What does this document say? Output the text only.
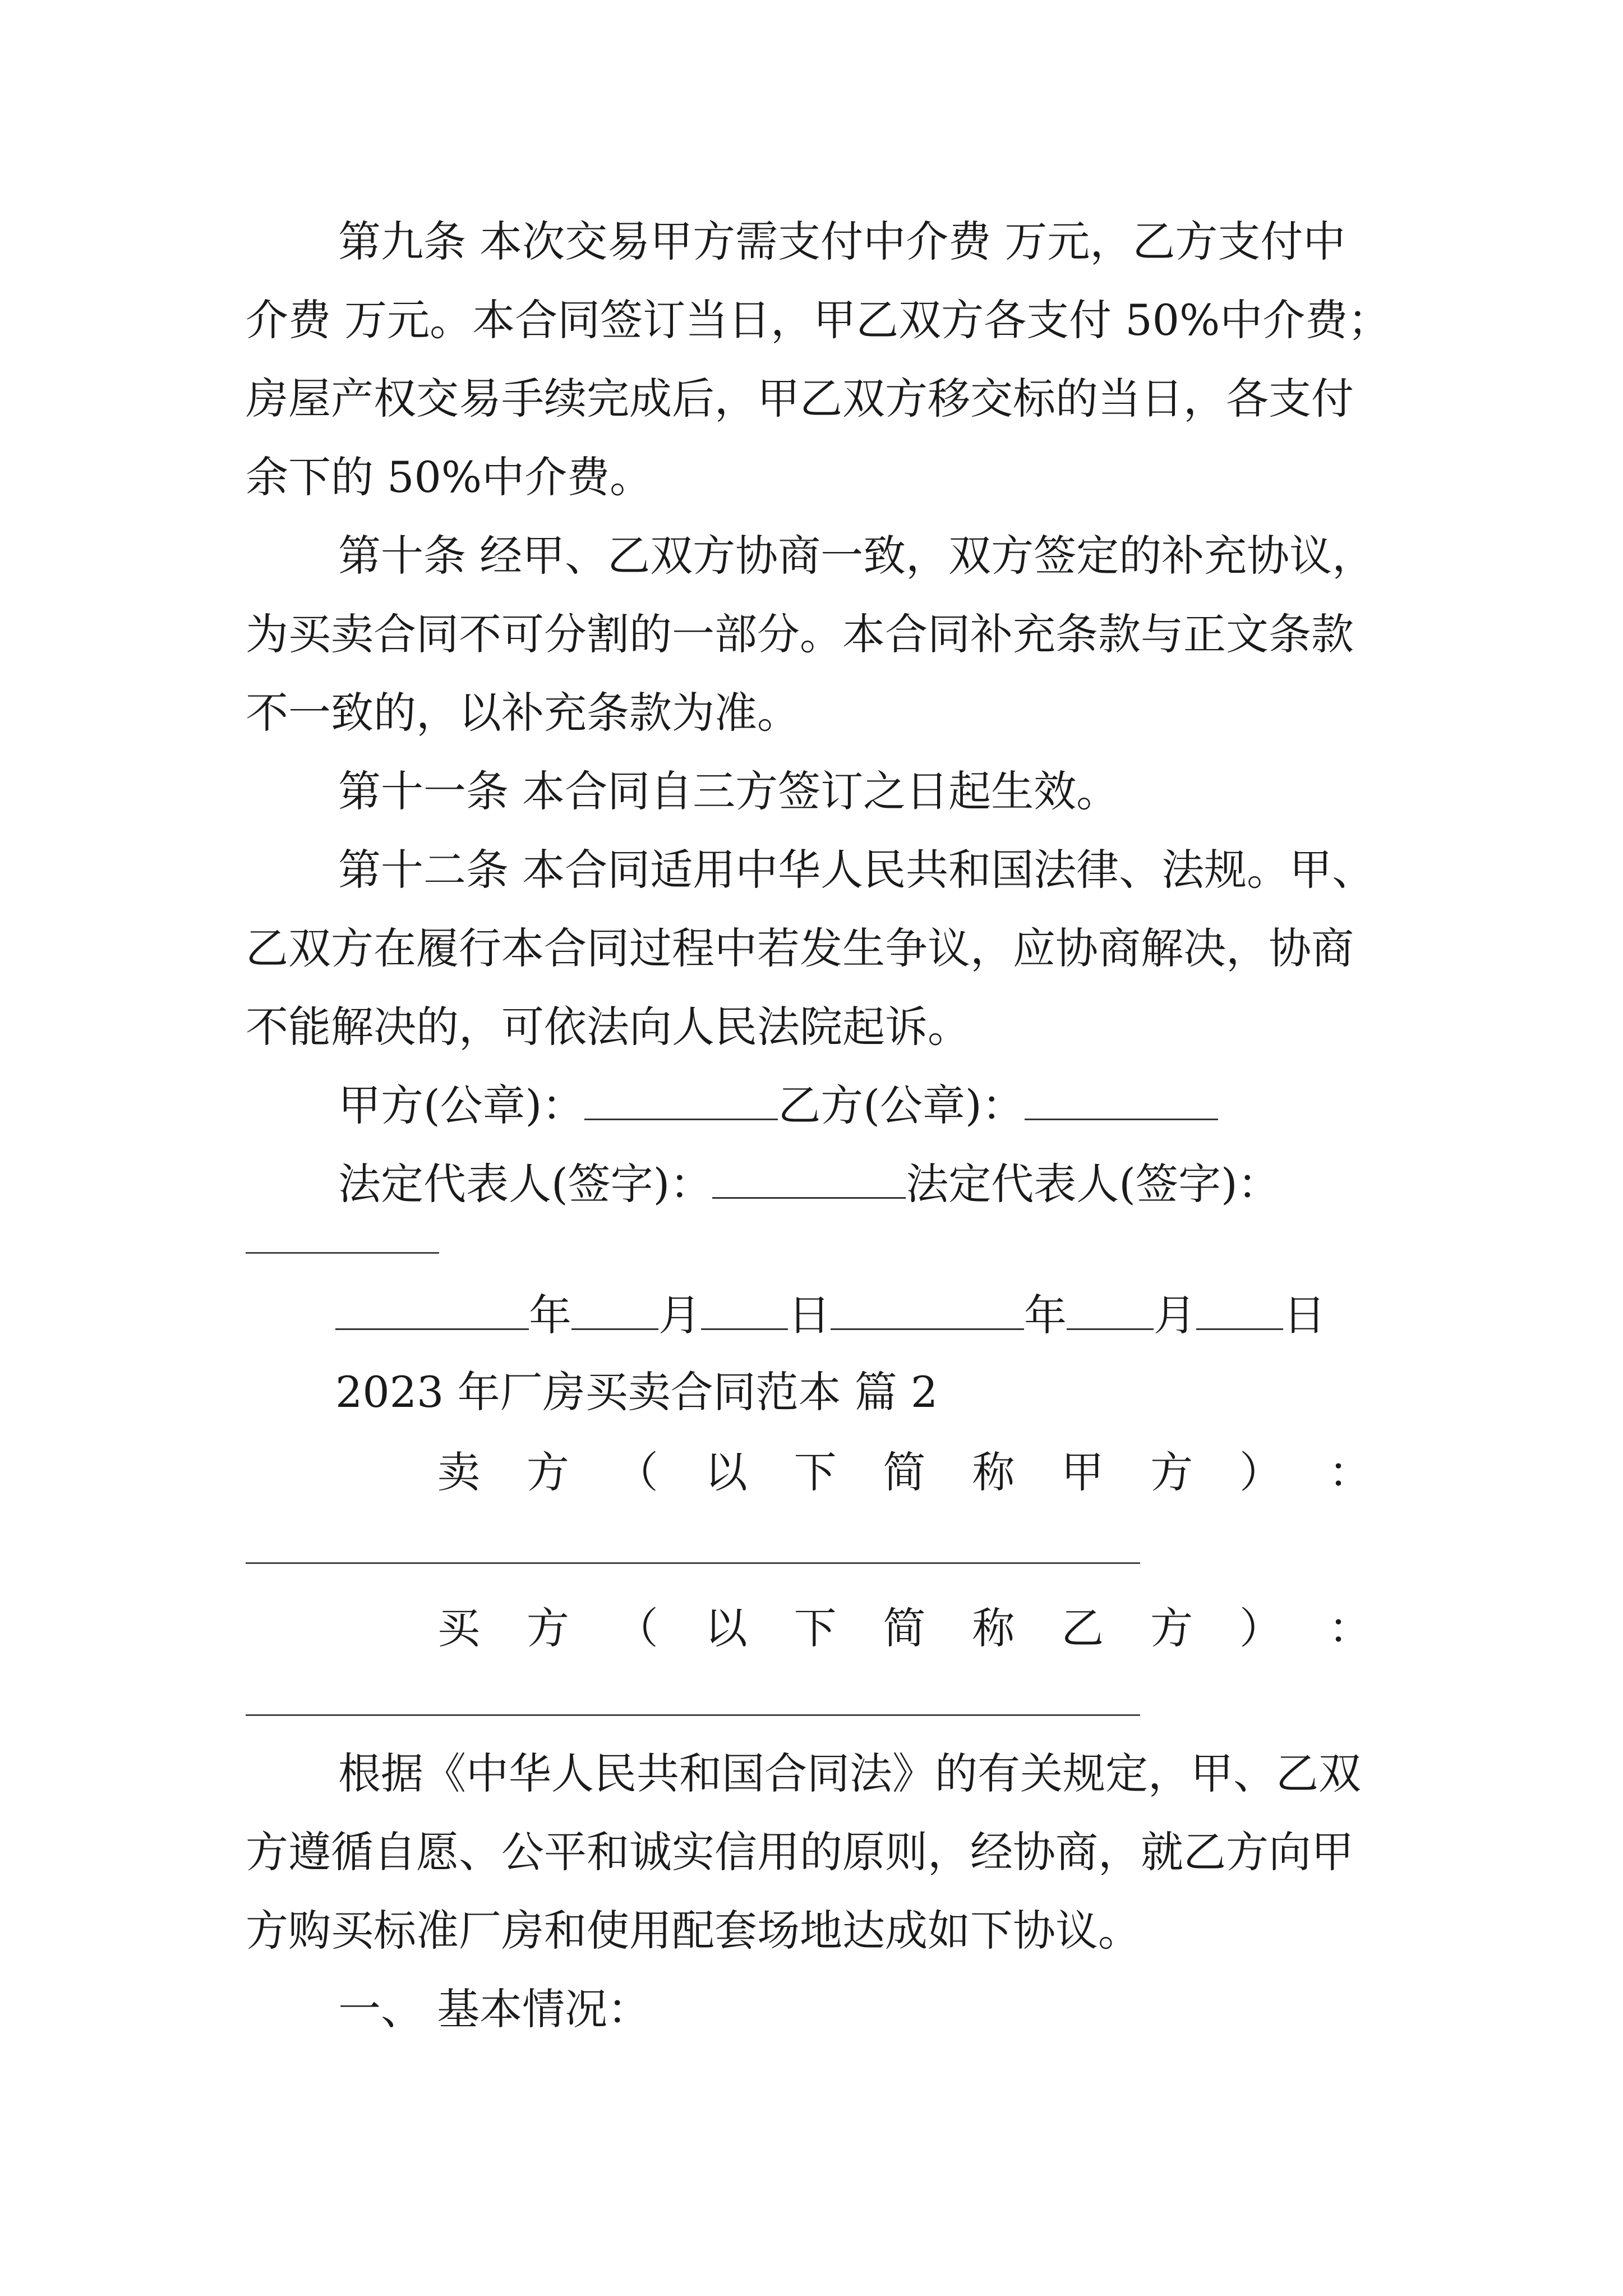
第九条 本次交易甲方需支付中介费 万元，乙方支付中
介费 万元。本合同签订当日，甲乙双方各支付 50%中介费；
房屋产权交易手续完成后，甲乙双方移交标的当日，各支付
余下的 50%中介费。
第十条 经甲、乙双方协商一致，双方签定的补充协议，
为买卖合同不可分割的一部分。本合同补充条款与正文条款
不一致的，以补充条款为准。
第十一条 本合同自三方签订之日起生效。
第十二条 本合同适用中华人民共和国法律、法规。甲、
乙双方在履行本合同过程中若发生争议，应协商解决，协商
不能解决的，可依法向人民法院起诉。
甲方(公章)：	乙方(公章)：
法定代表人(签字)：	法定代表人(签字)：
年 月 日	年 月 日
2023 年厂房买卖合同范本 篇 2
卖 方 （ 以 下 简 称 甲 方 ） ：
买 方 （ 以 下 简 称 乙 方 ） ：
根据《中华人民共和国合同法》的有关规定，甲、乙双
方遵循自愿、公平和诚实信用的原则，经协商，就乙方向甲
方购买标准厂房和使用配套场地达成如下协议。
一、 基本情况：
